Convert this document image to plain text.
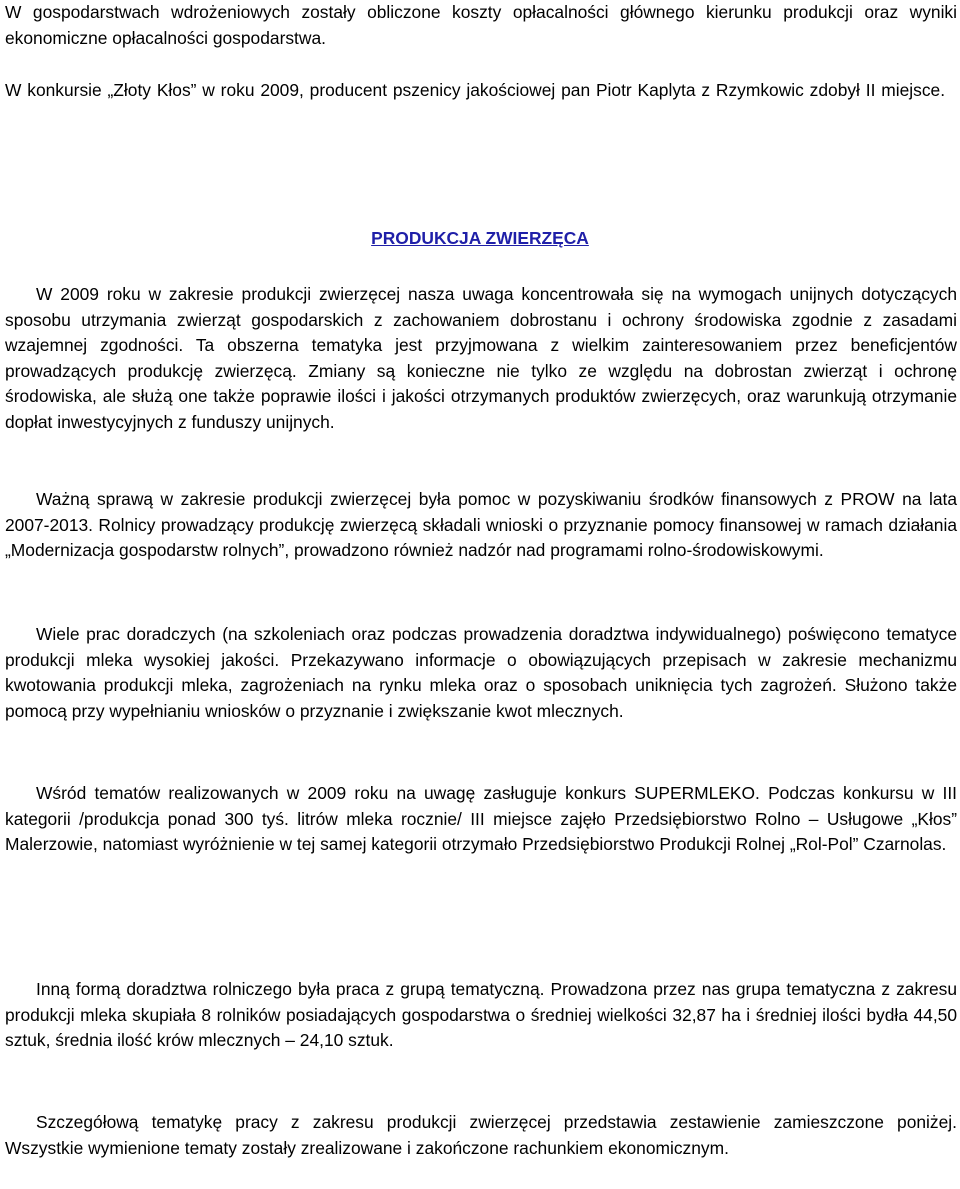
W gospodarstwach wdrożeniowych zostały obliczone koszty opłacalności głównego kierunku produkcji oraz wyniki ekonomiczne opłacalności gospodarstwa.

W konkursie „Złoty Kłos” w roku 2009, producent pszenicy jakościowej pan Piotr Kaplyta z Rzymkowic zdobył II miejsce.

PRODUKCJA ZWIERZĘCA

W 2009 roku w zakresie produkcji zwierzęcej nasza uwaga koncentrowała się na wymogach unijnych dotyczących sposobu utrzymania zwierząt gospodarskich z zachowaniem dobrostanu i ochrony środowiska zgodnie z zasadami wzajemnej zgodności. Ta obszerna tematyka jest przyjmowana z wielkim zainteresowaniem przez beneficjentów prowadzących produkcję zwierzęcą. Zmiany są konieczne nie tylko ze względu na dobrostan zwierząt i ochronę środowiska, ale służą one także poprawie ilości i jakości otrzymanych produktów zwierzęcych, oraz warunkują otrzymanie dopłat inwestycyjnych z funduszy unijnych.

Ważną sprawą w zakresie produkcji zwierzęcej była pomoc w pozyskiwaniu środków finansowych z PROW na lata 2007-2013. Rolnicy prowadzący produkcję zwierzęcą składali wnioski o przyznanie pomocy finansowej w ramach działania „Modernizacja gospodarstw rolnych”, prowadzono również nadzór nad programami rolno-środowiskowymi.

Wiele prac doradczych (na szkoleniach oraz podczas prowadzenia doradztwa indywidualnego) poświęcono tematyce produkcji mleka wysokiej jakości. Przekazywano informacje o obowiązujących przepisach w zakresie mechanizmu kwotowania produkcji mleka, zagrożeniach na rynku mleka oraz o sposobach uniknięcia tych zagrożeń. Służono także pomocą przy wypełnianiu wniosków o przyznanie i zwiększanie kwot mlecznych.

Wśród tematów realizowanych w 2009 roku na uwagę zasługuje konkurs SUPERMLEKO. Podczas konkursu w III kategorii /produkcja ponad 300 tyś. litrów mleka rocznie/ III miejsce zajęło Przedsiębiorstwo Rolno – Usługowe „Kłos” Malerzowie, natomiast wyróżnienie w tej samej kategorii otrzymało Przedsiębiorstwo Produkcji Rolnej „Rol-Pol” Czarnolas.

Inną formą doradztwa rolniczego była praca z grupą tematyczną. Prowadzona przez nas grupa tematyczna z zakresu produkcji mleka skupiała 8 rolników posiadających gospodarstwa o średniej wielkości 32,87 ha i średniej ilości bydła 44,50 sztuk, średnia ilość krów mlecznych – 24,10 sztuk.

Szczegółową tematykę pracy z zakresu produkcji zwierzęcej przedstawia zestawienie zamieszczone poniżej. Wszystkie wymienione tematy zostały zrealizowane i zakończone rachunkiem ekonomicznym.
